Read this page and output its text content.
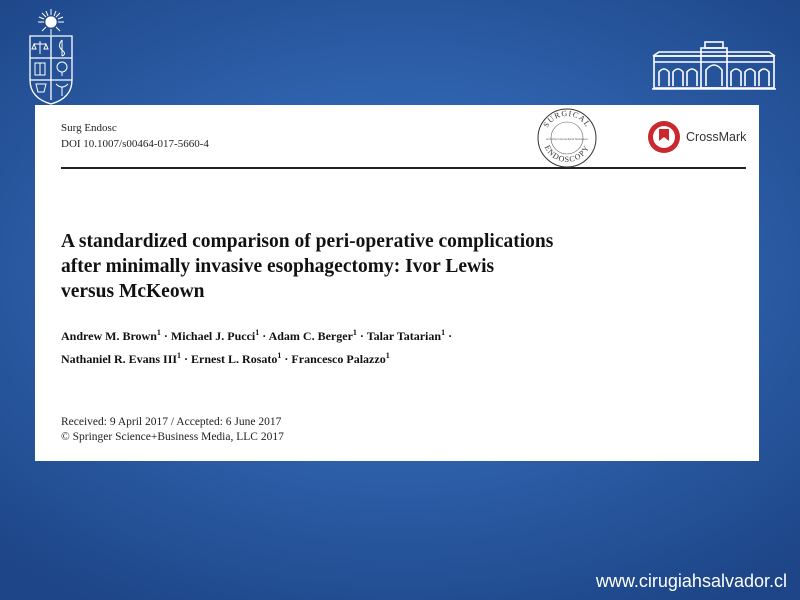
Surg Endosc
DOI 10.1007/s00464-017-5660-4
SURGICAL
ENDOSCOPY
and Other Interventional Techniques	CrossMark
A standardized comparison of peri-operative complications
after minimally invasive esophagectomy: Ivor Lewis
versus McKeown
Andrew M. Brown$^1$ · Michael J. Pucci$^1$ · Adam C. Berger$^1$ · Talar Tatarian$^1$ ·
Nathaniel R. Evans $III^1$ · Ernest L. Rosato$^1$ · Francesco Palazzo$^1$
Received: 9 April 2017 / Accepted: 6 June 2017
© Springer Science+Business Media, LLC 2017
www.cirugiahsalvador.cl
